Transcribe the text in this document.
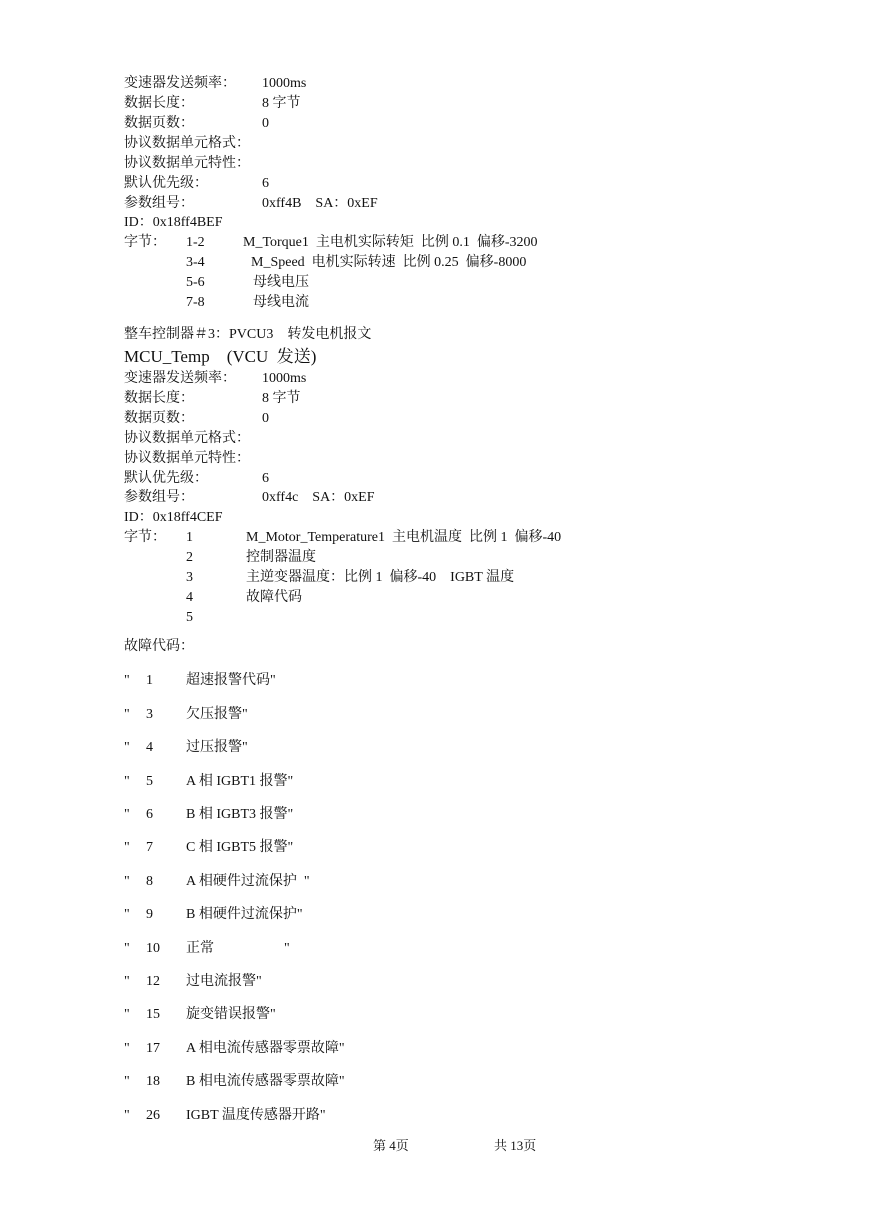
变速器发送频率： 1000ms
数据长度：	8 字节
数据页数：	0
协议数据单元格式：
协议数据单元特性：
默认优先级：	6
参数组号：	0xff4B    SA：0xEF
ID：0x18ff4BEF
字节： 1-2	M_Torque1  主电机实际转矩  比例 0.1  偏移-3200
3-4	M_Speed  电机实际转速  比例 0.25  偏移-8000
5-6	母线电压
7-8	母线电流
整车控制器＃3：PVCU3    转发电机报文
MCU_Temp    (VCU  发送)
变速器发送频率： 1000ms
数据长度：	8 字节
数据页数：	0
协议数据单元格式：
协议数据单元特性：
默认优先级：	6
参数组号：	0xff4c    SA：0xEF
ID：0x18ff4CEF
字节： 1	M_Motor_Temperature1  主电机温度  比例 1  偏移-40
2	控制器温度
3	主逆变器温度：比例 1  偏移-40    IGBT 温度
4	故障代码
5
故障代码：
" 1 超速报警代码"
" 3 欠压报警"
" 4 过压报警"
" 5 A 相 IGBT1 报警"
" 6 B 相 IGBT3 报警"
" 7 C 相 IGBT5 报警"
" 8 A 相硬件过流保护  "
" 9 B 相硬件过流保护"
" 10 正常                    "
" 12 过电流报警"
" 15 旋变错误报警"
" 17 A 相电流传感器零票故障"
" 18 B 相电流传感器零票故障"
" 26 IGBT 温度传感器开路"
第 4页	共 13页
